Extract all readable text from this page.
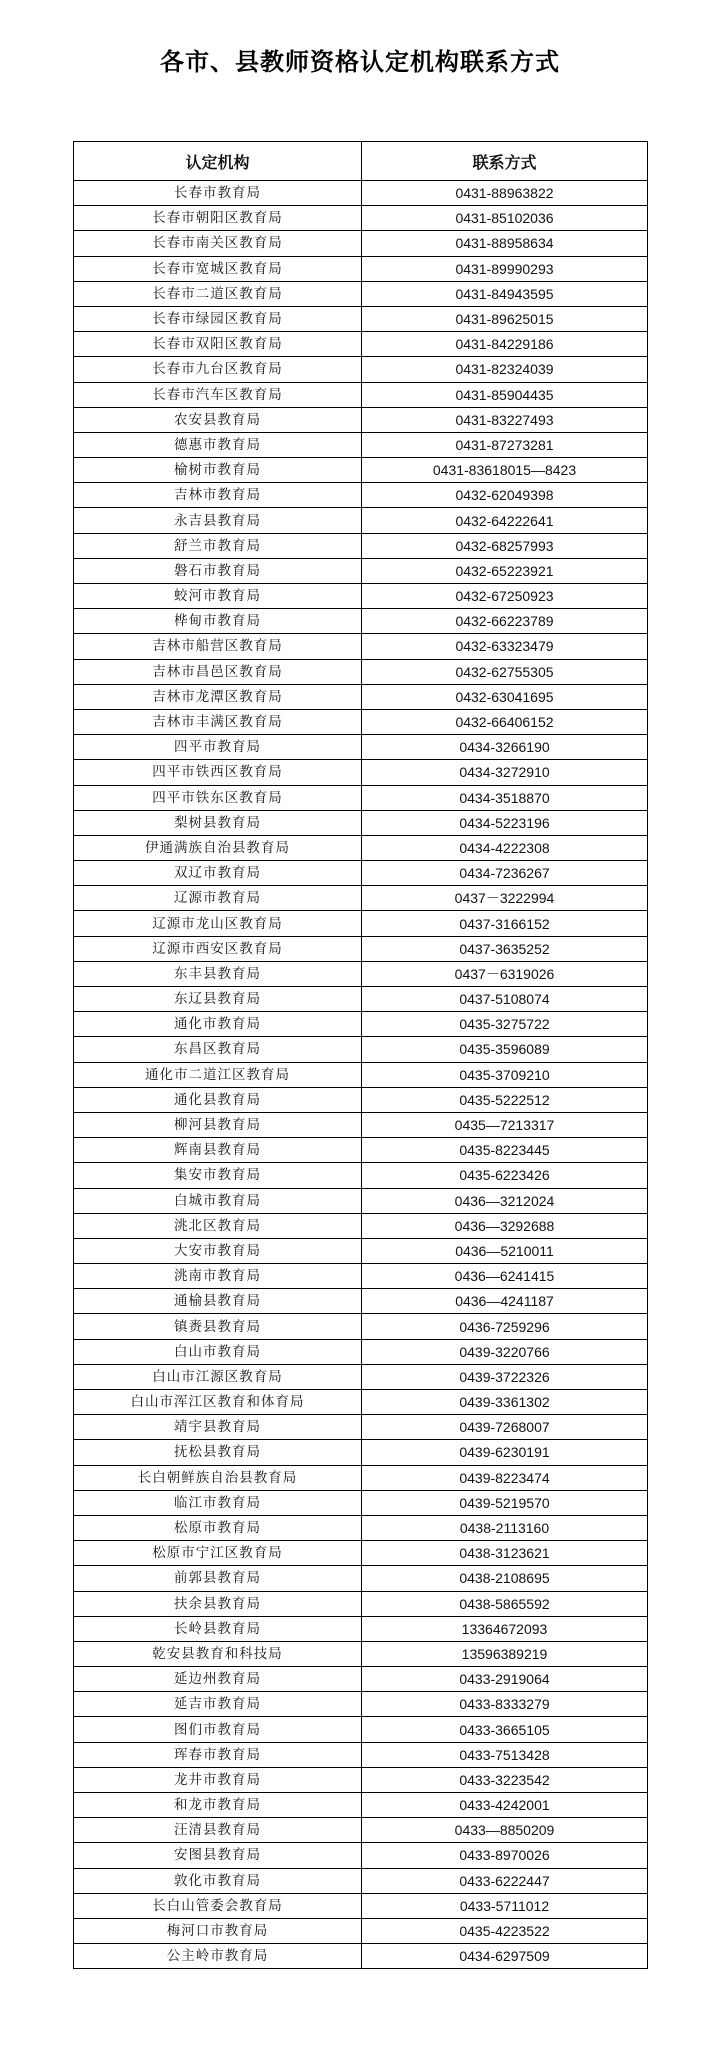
各市、县教师资格认定机构联系方式
认定机构	联系方式
长春市教育局	0431-88963822
长春市朝阳区教育局	0431-85102036
长春市南关区教育局	0431-88958634
长春市宽城区教育局	0431-89990293
长春市二道区教育局	0431-84943595
长春市绿园区教育局	0431-89625015
长春市双阳区教育局	0431-84229186
长春市九台区教育局	0431-82324039
长春市汽车区教育局	0431-85904435
农安县教育局	0431-83227493
德惠市教育局	0431-87273281
榆树市教育局	0431-83618015—8423
吉林市教育局	0432-62049398
永吉县教育局	0432-64222641
舒兰市教育局	0432-68257993
磐石市教育局	0432-65223921
蛟河市教育局	0432-67250923
桦甸市教育局	0432-66223789
吉林市船营区教育局	0432-63323479
吉林市昌邑区教育局	0432-62755305
吉林市龙潭区教育局	0432-63041695
吉林市丰满区教育局	0432-66406152
四平市教育局	0434-3266190
四平市铁西区教育局	0434-3272910
四平市铁东区教育局	0434-3518870
梨树县教育局	0434-5223196
伊通满族自治县教育局	0434-4222308
双辽市教育局	0434-7236267
辽源市教育局	0437－3222994
辽源市龙山区教育局	0437-3166152
辽源市西安区教育局	0437-3635252
东丰县教育局	0437－6319026
东辽县教育局	0437-5108074
通化市教育局	0435-3275722
东昌区教育局	0435-3596089
通化市二道江区教育局	0435-3709210
通化县教育局	0435-5222512
柳河县教育局	0435—7213317
辉南县教育局	0435-8223445
集安市教育局	0435-6223426
白城市教育局	0436—3212024
洮北区教育局	0436—3292688
大安市教育局	0436—5210011
洮南市教育局	0436—6241415
通榆县教育局	0436—4241187
镇赉县教育局	0436-7259296
白山市教育局	0439-3220766
白山市江源区教育局	0439-3722326
白山市浑江区教育和体育局	0439-3361302
靖宇县教育局	0439-7268007
抚松县教育局	0439-6230191
长白朝鲜族自治县教育局	0439-8223474
临江市教育局	0439-5219570
松原市教育局	0438-2113160
松原市宁江区教育局	0438-3123621
前郭县教育局	0438-2108695
扶余县教育局	0438-5865592
长岭县教育局	13364672093
乾安县教育和科技局	13596389219
延边州教育局	0433-2919064
延吉市教育局	0433-8333279
图们市教育局	0433-3665105
珲春市教育局	0433-7513428
龙井市教育局	0433-3223542
和龙市教育局	0433-4242001
汪清县教育局	0433—8850209
安图县教育局	0433-8970026
敦化市教育局	0433-6222447
长白山管委会教育局	0433-5711012
梅河口市教育局	0435-4223522
公主岭市教育局	0434-6297509
